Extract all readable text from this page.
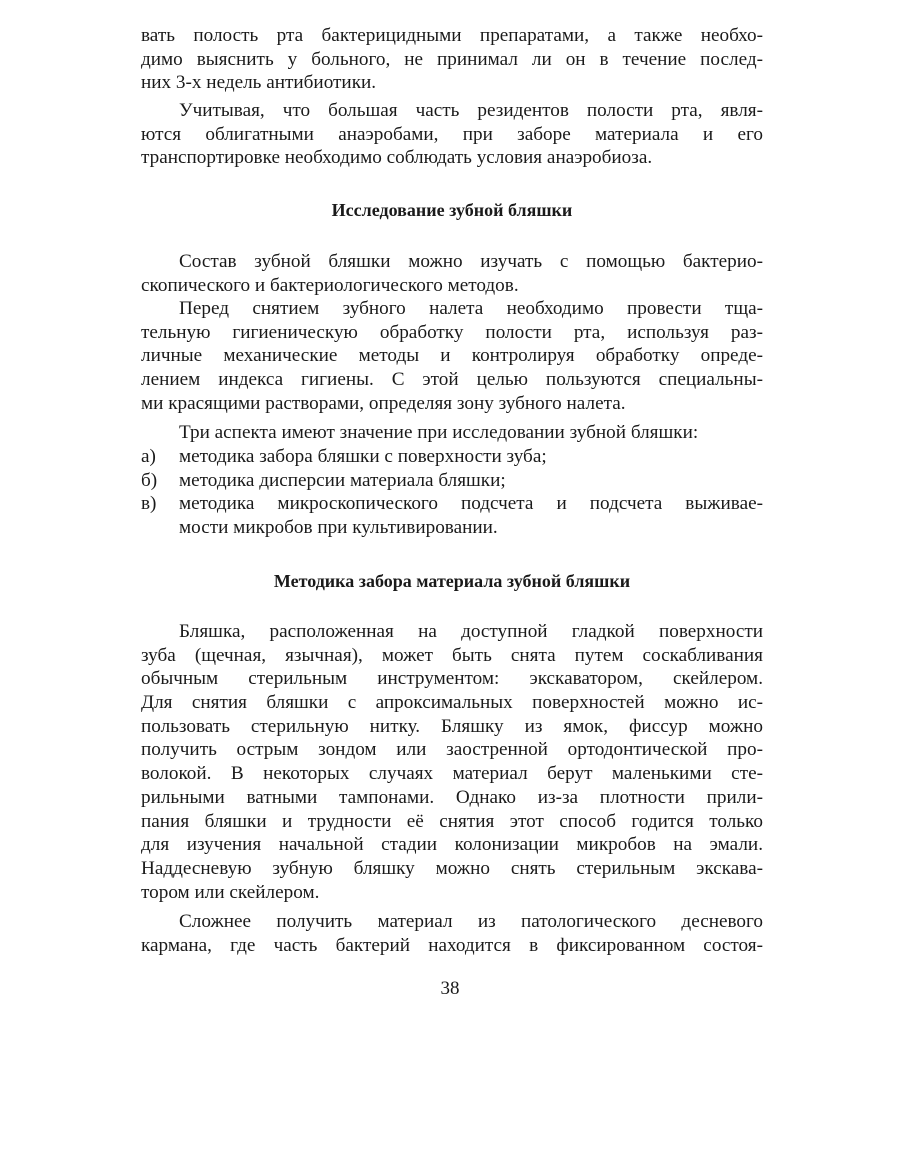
вать полость рта бактерицидными препаратами, а также необхо-
димо выяснить у больного, не принимал ли он в течение послед-
них 3-х недель антибиотики.
Учитывая, что большая часть резидентов полости рта, явля-
ются облигатными анаэробами, при заборе материала и его
транспортировке необходимо соблюдать условия анаэробиоза.
Исследование зубной бляшки
Состав зубной бляшки можно изучать с помощью бактерио-
скопического и бактериологического методов.
Перед снятием зубного налета необходимо провести тща-
тельную гигиеническую обработку полости рта, используя раз-
личные механические методы и контролируя обработку опреде-
лением индекса гигиены. С этой целью пользуются специальны-
ми красящими растворами, определяя зону зубного налета.
Три аспекта имеют значение при исследовании зубной бляшки:
а) методика забора бляшки с поверхности зуба;
б) методика дисперсии материала бляшки;
в) методика микроскопического подсчета и подсчета выживае-
мости микробов при культивировании.
Методика забора материала зубной бляшки
Бляшка, расположенная на доступной гладкой поверхности
зуба (щечная, язычная), может быть снята путем соскабливания
обычным стерильным инструментом: экскаватором, скейлером.
Для снятия бляшки с апроксимальных поверхностей можно ис-
пользовать стерильную нитку. Бляшку из ямок, фиссур можно
получить острым зондом или заостренной ортодонтической про-
волокой. В некоторых случаях материал берут маленькими сте-
рильными ватными тампонами. Однако из-за плотности прили-
пания бляшки и трудности её снятия этот способ годится только
для изучения начальной стадии колонизации микробов на эмали.
Наддесневую зубную бляшку можно снять стерильным экскава-
тором или скейлером.
Сложнее получить материал из патологического десневого
кармана, где часть бактерий находится в фиксированном состоя-
38
